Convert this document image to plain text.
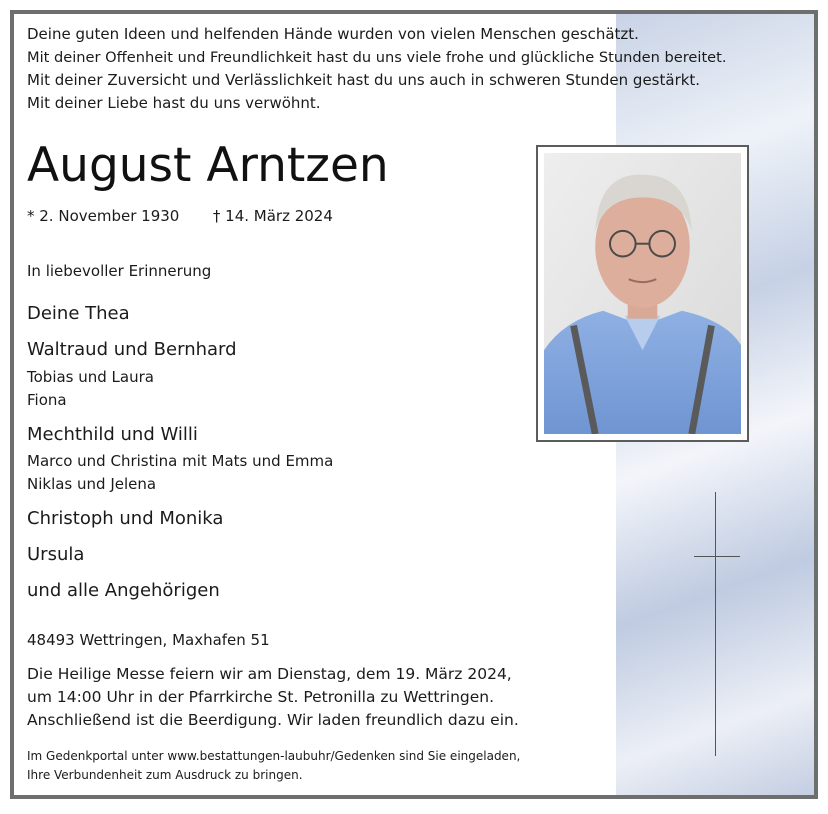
Deine guten Ideen und helfenden Hände wurden von vielen Menschen geschätzt.
Mit deiner Offenheit und Freundlichkeit hast du uns viele frohe und glückliche Stunden bereitet.
Mit deiner Zuversicht und Verlässlichkeit hast du uns auch in schweren Stunden gestärkt.
Mit deiner Liebe hast du uns verwöhnt.
August Arntzen
* 2. November 1930 † 14. März 2024
In liebevoller Erinnerung
Deine Thea
Waltraud und Bernhard
Tobias und Laura
Fiona
Mechthild und Willi
Marco und Christina mit Mats und Emma
Niklas und Jelena
Christoph und Monika
Ursula
und alle Angehörigen
48493 Wettringen, Maxhafen 51
Die Heilige Messe feiern wir am Dienstag, dem 19. März 2024,
um 14:00 Uhr in der Pfarrkirche St. Petronilla zu Wettringen.
Anschließend ist die Beerdigung. Wir laden freundlich dazu ein.
Im Gedenkportal unter www.bestattungen-laubuhr/Gedenken sind Sie eingeladen,
Ihre Verbundenheit zum Ausdruck zu bringen.
